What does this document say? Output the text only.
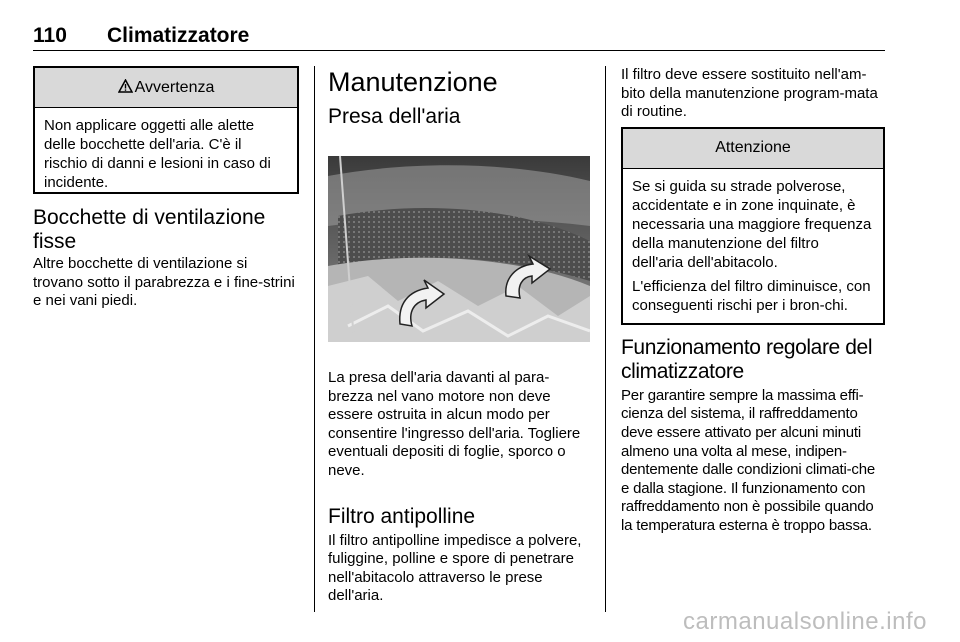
110 Climatizzatore
Avvertenza

Non applicare oggetti alle alette delle bocchette dell'aria. C'è il rischio di danni e lesioni in caso di incidente.

Bocchette di ventilazione fisse

Altre bocchette di ventilazione si trovano sotto il parabrezza e i fine-strini e nei vani piedi.

Manutenzione
Presa dell'aria

La presa dell'aria davanti al para-brezza nel vano motore non deve essere ostruita in alcun modo per consentire l'ingresso dell'aria. Togliere eventuali depositi di foglie, sporco o neve.

Filtro antipolline

Il filtro antipolline impedisce a polvere, fuliggine, polline e spore di penetrare nell'abitacolo attraverso le prese dell'aria.

Il filtro deve essere sostituito nell'am-bito della manutenzione program-mata di routine.

Attenzione

Se si guida su strade polverose, accidentate e in zone inquinate, è necessaria una maggiore frequenza della manutenzione del filtro dell'aria dell'abitacolo.

L'efficienza del filtro diminuisce, con conseguenti rischi per i bron-chi.

Funzionamento regolare del climatizzatore

Per garantire sempre la massima effi-cienza del sistema, il raffreddamento deve essere attivato per alcuni minuti almeno una volta al mese, indipen-dentemente dalle condizioni climati-che e dalla stagione. Il funzionamento con raffreddamento non è possibile quando la temperatura esterna è troppo bassa.

carmanualsonline.info
